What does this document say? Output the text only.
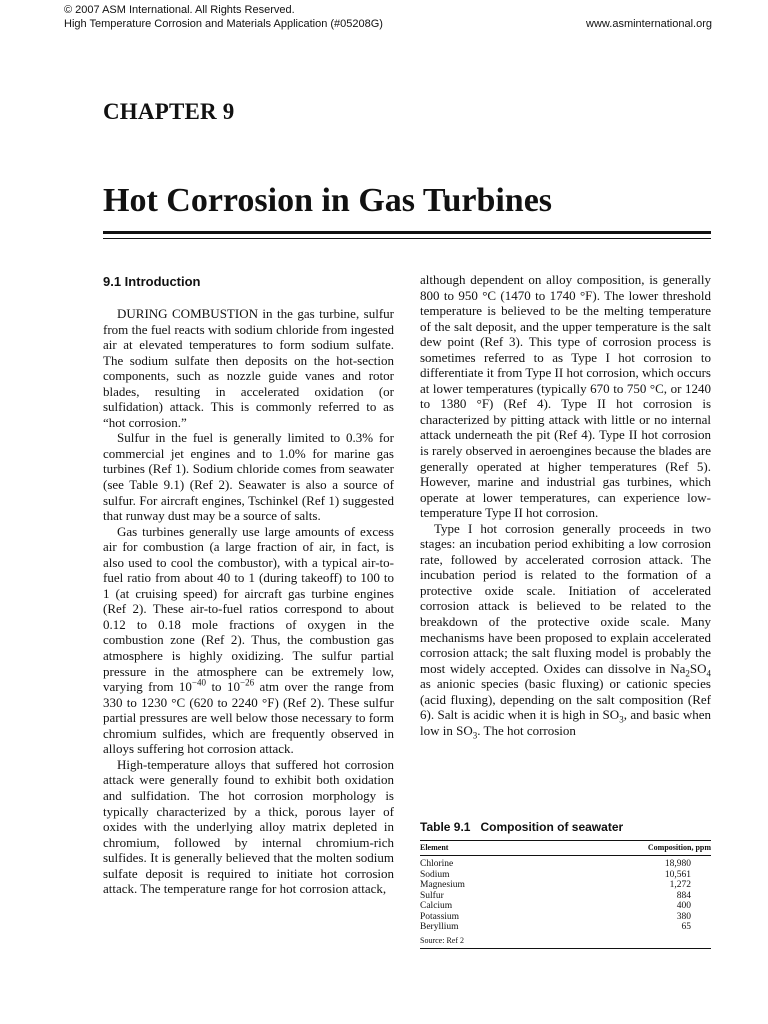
© 2007 ASM International. All Rights Reserved.
High Temperature Corrosion and Materials Application (#05208G)	www.asminternational.org
CHAPTER 9
Hot Corrosion in Gas Turbines
9.1 Introduction

DURING COMBUSTION in the gas turbine, sulfur from the fuel reacts with sodium chloride from ingested air at elevated temperatures to form sodium sulfate. The sodium sulfate then deposits on the hot-section components, such as nozzle guide vanes and rotor blades, resulting in accelerated oxidation (or sulfidation) attack. This is commonly referred to as “hot corrosion.”

Sulfur in the fuel is generally limited to 0.3% for commercial jet engines and to 1.0% for marine gas turbines (Ref 1). Sodium chloride comes from seawater (see Table 9.1) (Ref 2). Seawater is also a source of sulfur. For aircraft engines, Tschinkel (Ref 1) suggested that runway dust may be a source of salts.

Gas turbines generally use large amounts of excess air for combustion (a large fraction of air, in fact, is also used to cool the combustor), with a typical air-to-fuel ratio from about 40 to 1 (during takeoff) to 100 to 1 (at cruising speed) for aircraft gas turbine engines (Ref 2). These air-to-fuel ratios correspond to about 0.12 to 0.18 mole fractions of oxygen in the combustion zone (Ref 2). Thus, the combustion gas atmosphere is highly oxidizing. The sulfur partial pressure in the atmosphere can be extremely low, varying from $10^{-40}$ to $10^{-26}$ atm over the range from 330 to 1230 °C (620 to 2240 °F) (Ref 2). These sulfur partial pressures are well below those necessary to form chromium sulfides, which are frequently observed in alloys suffering hot corrosion attack.

High-temperature alloys that suffered hot corrosion attack were generally found to exhibit both oxidation and sulfidation. The hot corrosion morphology is typically characterized by a thick, porous layer of oxides with the underlying alloy matrix depleted in chromium, followed by internal chromium-rich sulfides. It is generally believed that the molten sodium sulfate deposit is required to initiate hot corrosion attack. The temperature range for hot corrosion attack,

although dependent on alloy composition, is generally 800 to 950 °C (1470 to 1740 °F). The lower threshold temperature is believed to be the melting temperature of the salt deposit, and the upper temperature is the salt dew point (Ref 3). This type of corrosion process is sometimes referred to as Type I hot corrosion to differentiate it from Type II hot corrosion, which occurs at lower temperatures (typically 670 to 750 °C, or 1240 to 1380 °F) (Ref 4). Type II hot corrosion is characterized by pitting attack with little or no internal attack underneath the pit (Ref 4). Type II hot corrosion is rarely observed in aeroengines because the blades are generally operated at higher temperatures (Ref 5). However, marine and industrial gas turbines, which operate at lower temperatures, can experience low-temperature Type II hot corrosion.

Type I hot corrosion generally proceeds in two stages: an incubation period exhibiting a low corrosion rate, followed by accelerated corrosion attack. The incubation period is related to the formation of a protective oxide scale. Initiation of accelerated corrosion attack is believed to be related to the breakdown of the protective oxide scale. Many mechanisms have been proposed to explain accelerated corrosion attack; the salt fluxing model is probably the most widely accepted. Oxides can dissolve in $Na_2SO_4$ as anionic species (basic fluxing) or cationic species (acid fluxing), depending on the salt composition (Ref 6). Salt is acidic when it is high in $SO_3$, and basic when low in $SO_3$. The hot corrosion

Table 9.1 Composition of seawater
Element	Composition, ppm
Chlorine	18,980
Sodium	10,561
Magnesium	1,272
Sulfur	884
Calcium	400
Potassium	380
Beryllium	65
Source: Ref 2
